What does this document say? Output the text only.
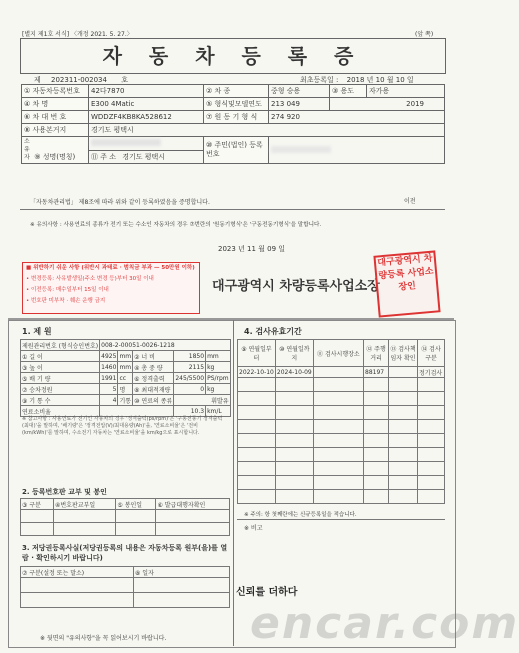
[별지 제1호 서식] 〈개정 2021. 5. 27.〉	(앞 쪽)
자 동 차 등 록 증
제 202311-002034 호	최초등록일 : 2018 년 10 월 10 일
① 자동차등록번호	42다7870	② 차 종	중형 승용	③ 용도	자가용
④ 차 명	E300 4Matic	⑤ 형식및모델연도	213 049	2019	
⑥ 차 대 번 호	WDDZF4KB8KA528612	⑦ 원 동 기 형 식	274 920		
⑧ 사용본거지	경기도 평택시				
소유자 ⑨ 성명(명칭)		⑩ 주민(법인) 등록번호			
	⑪ 주 소 경기도 평택시				
「자동차관리법」 제8조에 따라 위와 같이 등록하였음을 증명합니다.	이전
※ 유의사항 : 사용연료의 종류가 전기 또는 수소인 자동차의 경우 ⑦번란의 '원동기형식'은 '구동전동기형식'을 말합니다.
2023 년 11 월 09 일
■ 위반하기 쉬운 사항 (위반시 과태료 · 범칙금 부과 — 50만원 이하)
• 변경등록: 사유발생일(주소 변경 등)부터 30일 이내
• 이전등록: 매수일부터 15일 이내
• 번호판 미부착 · 훼손 운행 금지
대구광역시 차량등록사업소장
대구광역시 차량등록 사업소장인
1. 제 원
제원관리번호 (형식승인번호)	008-2-00051-0026-1218				
① 길 이	4925	mm	② 너 비	1850	mm
③ 높 이	1460	mm	④ 총 중 량	2115	kg
⑤ 배 기 량	1991	cc	⑥ 정격출력	245/5500	PS/rpm
⑦ 승차정원	5	명	⑧ 최대적재량	0	kg
⑨ 기 통 수	4	기통	⑩ 연료의 종류	휘발유	
연료소비율				10.3	km/L
※ 참고사항 : 사용연료가 전기인 자동차의 경우 '정격출력(ps/rpm)'은 '구동전동기 정격출력(최대)'을 말하며, '배기량'은 '정격전압(V)/최대용량(Ah)'을, '연료소비율'은 '전비(km/kWh)'를 말하며, 수소전기 자동차는 '연료소비율'을 km/kg으로 표시합니다.
2. 등록번호판 교부 및 봉인
③ 구분	④번호판교부일	⑤ 봉인일	⑥ 발급대행자확인

3. 저당권등록사실(저당권등록의 내용은 자동차등록 원부(을)를 열람 · 확인하시기 바랍니다)
⑦ 구분(설정 또는 말소)	⑧ 일자

4. 검사유효기간
⑨ 연월일부터	⑩ 연월일까지	⑪ 검사시행장소	⑫ 주행거리	⑬ 검사책임자 확인	⑭ 검사 구분
2022-10-10	2024-10-09		88197		정기검사

※ 주의: 항 첫째란에는 신규등록일을 적습니다.
※ 비고
신뢰를 더하다
※ 뒷면의 "유의사항"을 꼭 읽어보시기 바랍니다. encar.com
